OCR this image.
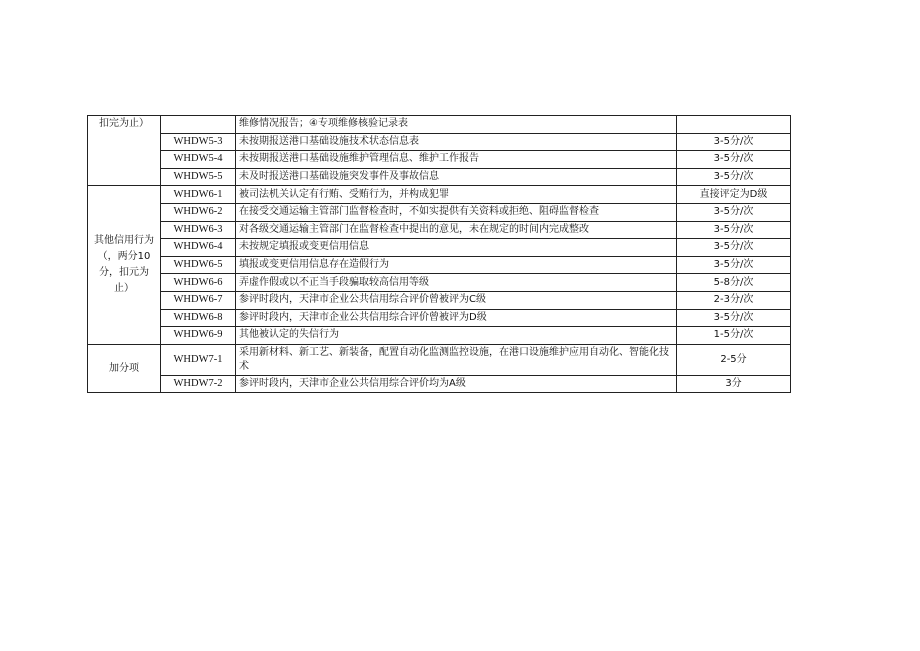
扣完为止）		维修情况报告；④专项维修核验记录表	
	WHDW5-3	未按期报送港口基础设施技术状态信息表	3-5分/次
	WHDW5-4	未按期报送港口基础设施维护管理信息、维护工作报告	3-5分/次
	WHDW5-5	未及时报送港口基础设施突发事件及事故信息	3-5分/次

其他信用行为（，两分10分，扣元为止）	WHDW6-1	被司法机关认定有行贿、受贿行为，并构成犯罪	直接评定为D级
	WHDW6-2	在接受交通运输主管部门监督检查时，不如实提供有关资料或拒绝、阻碍监督检查	3-5分/次
	WHDW6-3	对各级交通运输主管部门在监督检查中提出的意见，未在规定的时间内完成整改	3-5分/次
	WHDW6-4	未按规定填报或变更信用信息	3-5分/次
	WHDW6-5	填报或变更信用信息存在造假行为	3-5分/次
	WHDW6-6	弄虚作假或以不正当手段骗取较高信用等级	5-8分/次
	WHDW6-7	参评时段内，天津市企业公共信用综合评价曾被评为C级	2-3分/次
	WHDW6-8	参评时段内，天津市企业公共信用综合评价曾被评为D级	3-5分/次
	WHDW6-9	其他被认定的失信行为	1-5分/次
加分项	WHDW7-1	采用新材料、新工艺、新装备，配置自动化监测监控设施，在港口设施维护应用自动化、智能化技术	2-5分
	WHDW7-2	参评时段内，天津市企业公共信用综合评价均为A级	3分
